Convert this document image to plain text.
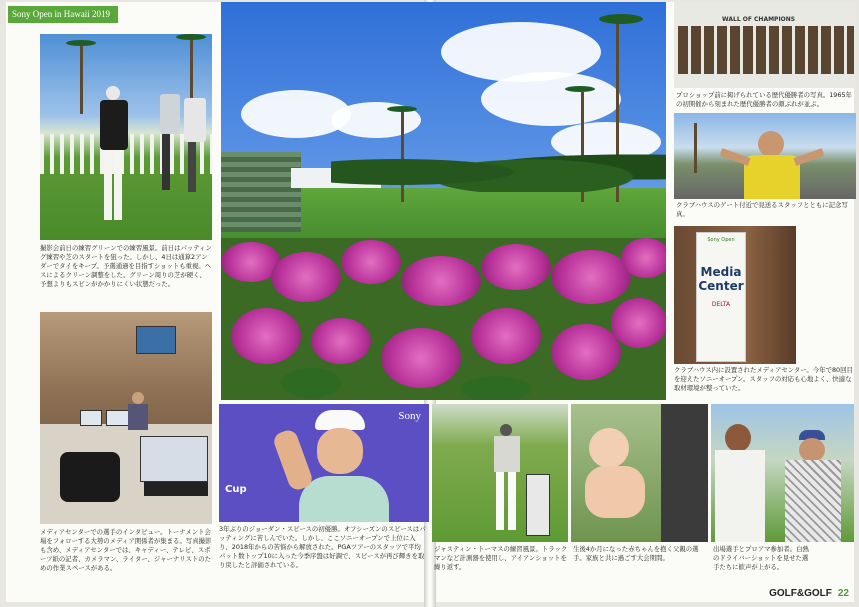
Sony Open in Hawaii 2019
撮影会前日の練習グリーンでの練習風景。前日はパッティング練習や芝のスタートを狙った。しかし、4日は通算2アンダーでタイをキープ。予選通過を目指すショットも重視。ヘスによるクリーン調整をした。グリーン周りの芝が硬く、予想よりもスピンがかかりにくい状態だった。
メディアセンターでの選手のインタビュー。トーナメント会場をフォローする大勢のメディア関係者が集まる。写真撮影も含め、メディアセンターでは、キャディー、テレビ、スポーツ紙の記者、カメラマン、ライター、ジャーナリストのための作業スペースがある。
Sony
Cup
3年ぶりのジョーダン・スピースの初優勝。オフシーズンのスピースはパッティングに苦しんでいた。しかし、ここソニーオープンで上位に入り、2018年からの苦悩から解放された。PGAツアーのスタッツで平均パット数トップ10に入った今季序盤は好調で、スピースが再び輝きを取り戻したと評価されている。
WALL OF CHAMPIONS
プロショップ前に掲げられている歴代優勝者の写真。1965年の初開催から刻まれた歴代優勝者の顔ぶれが並ぶ。
クラブハウスのゲート付近で見送るスタッフとともに記念写真。
Sony Open
Media
Center
DELTA
クラブハウス内に設置されたメディアセンター。今年で80回目を迎えたソニーオープン。スタッフの対応も心地よく、快適な取材環境が整っていた。
ジャスティン・トーマスの練習風景。トラックマンなど計測器を使用し、アイアンショットを繰り返す。
生後4か月になった赤ちゃんを抱く父親の選手。家族と共に過ごす大会期間。
出場選手とプロアマ参加者。白熱のドライバーショットを見せた選手たちに歓声が上がる。
GOLF&GOLF 22
